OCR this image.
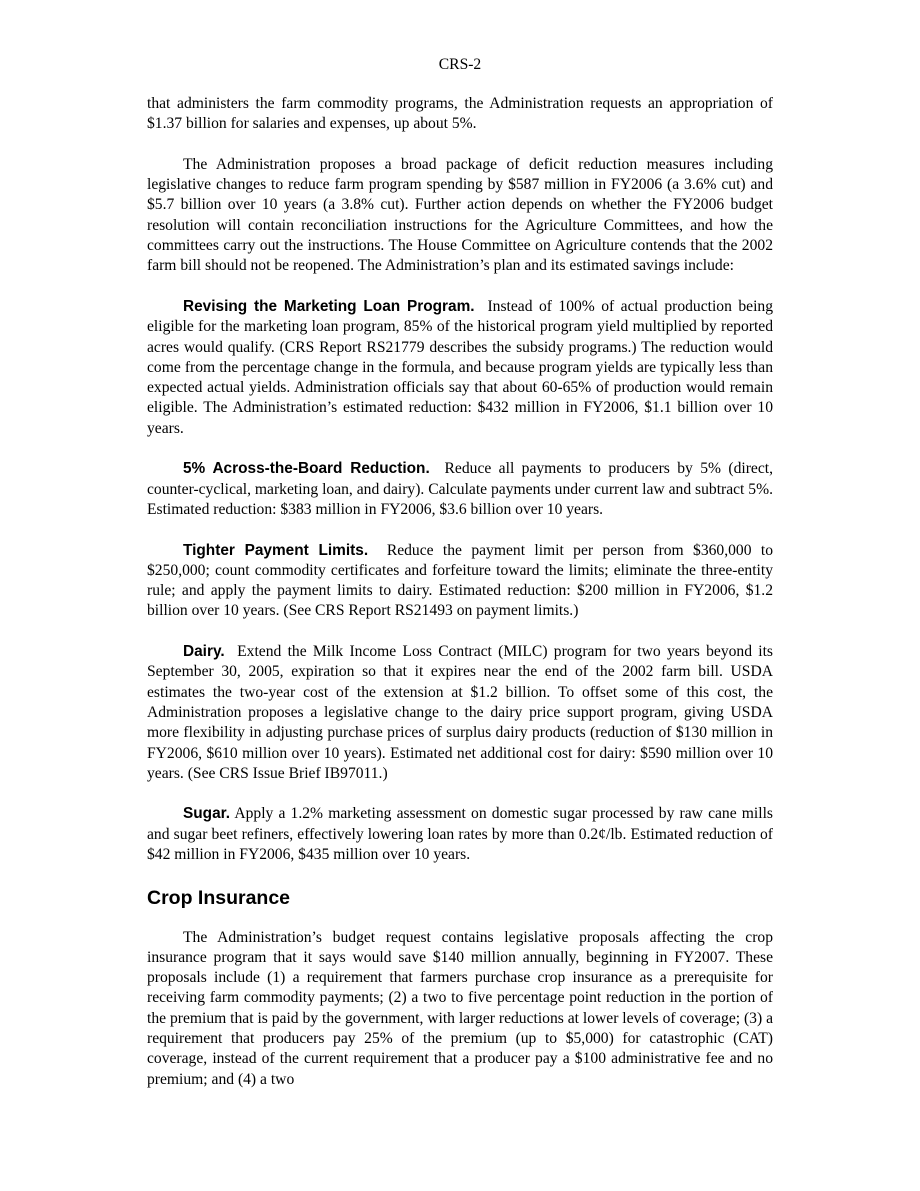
CRS-2

that administers the farm commodity programs, the Administration requests an appropriation of $1.37 billion for salaries and expenses, up about 5%.

The Administration proposes a broad package of deficit reduction measures including legislative changes to reduce farm program spending by $587 million in FY2006 (a 3.6% cut) and $5.7 billion over 10 years (a 3.8% cut). Further action depends on whether the FY2006 budget resolution will contain reconciliation instructions for the Agriculture Committees, and how the committees carry out the instructions. The House Committee on Agriculture contends that the 2002 farm bill should not be reopened. The Administration’s plan and its estimated savings include:

Revising the Marketing Loan Program. Instead of 100% of actual production being eligible for the marketing loan program, 85% of the historical program yield multiplied by reported acres would qualify. (CRS Report RS21779 describes the subsidy programs.) The reduction would come from the percentage change in the formula, and because program yields are typically less than expected actual yields. Administration officials say that about 60-65% of production would remain eligible. The Administration’s estimated reduction: $432 million in FY2006, $1.1 billion over 10 years.

5% Across-the-Board Reduction. Reduce all payments to producers by 5% (direct, counter-cyclical, marketing loan, and dairy). Calculate payments under current law and subtract 5%. Estimated reduction: $383 million in FY2006, $3.6 billion over 10 years.

Tighter Payment Limits. Reduce the payment limit per person from $360,000 to $250,000; count commodity certificates and forfeiture toward the limits; eliminate the three-entity rule; and apply the payment limits to dairy. Estimated reduction: $200 million in FY2006, $1.2 billion over 10 years. (See CRS Report RS21493 on payment limits.)

Dairy. Extend the Milk Income Loss Contract (MILC) program for two years beyond its September 30, 2005, expiration so that it expires near the end of the 2002 farm bill. USDA estimates the two-year cost of the extension at $1.2 billion. To offset some of this cost, the Administration proposes a legislative change to the dairy price support program, giving USDA more flexibility in adjusting purchase prices of surplus dairy products (reduction of $130 million in FY2006, $610 million over 10 years). Estimated net additional cost for dairy: $590 million over 10 years. (See CRS Issue Brief IB97011.)

Sugar. Apply a 1.2% marketing assessment on domestic sugar processed by raw cane mills and sugar beet refiners, effectively lowering loan rates by more than 0.2¢/lb. Estimated reduction of $42 million in FY2006, $435 million over 10 years.

Crop Insurance

The Administration’s budget request contains legislative proposals affecting the crop insurance program that it says would save $140 million annually, beginning in FY2007. These proposals include (1) a requirement that farmers purchase crop insurance as a prerequisite for receiving farm commodity payments; (2) a two to five percentage point reduction in the portion of the premium that is paid by the government, with larger reductions at lower levels of coverage; (3) a requirement that producers pay 25% of the premium (up to $5,000) for catastrophic (CAT) coverage, instead of the current requirement that a producer pay a $100 administrative fee and no premium; and (4) a two
